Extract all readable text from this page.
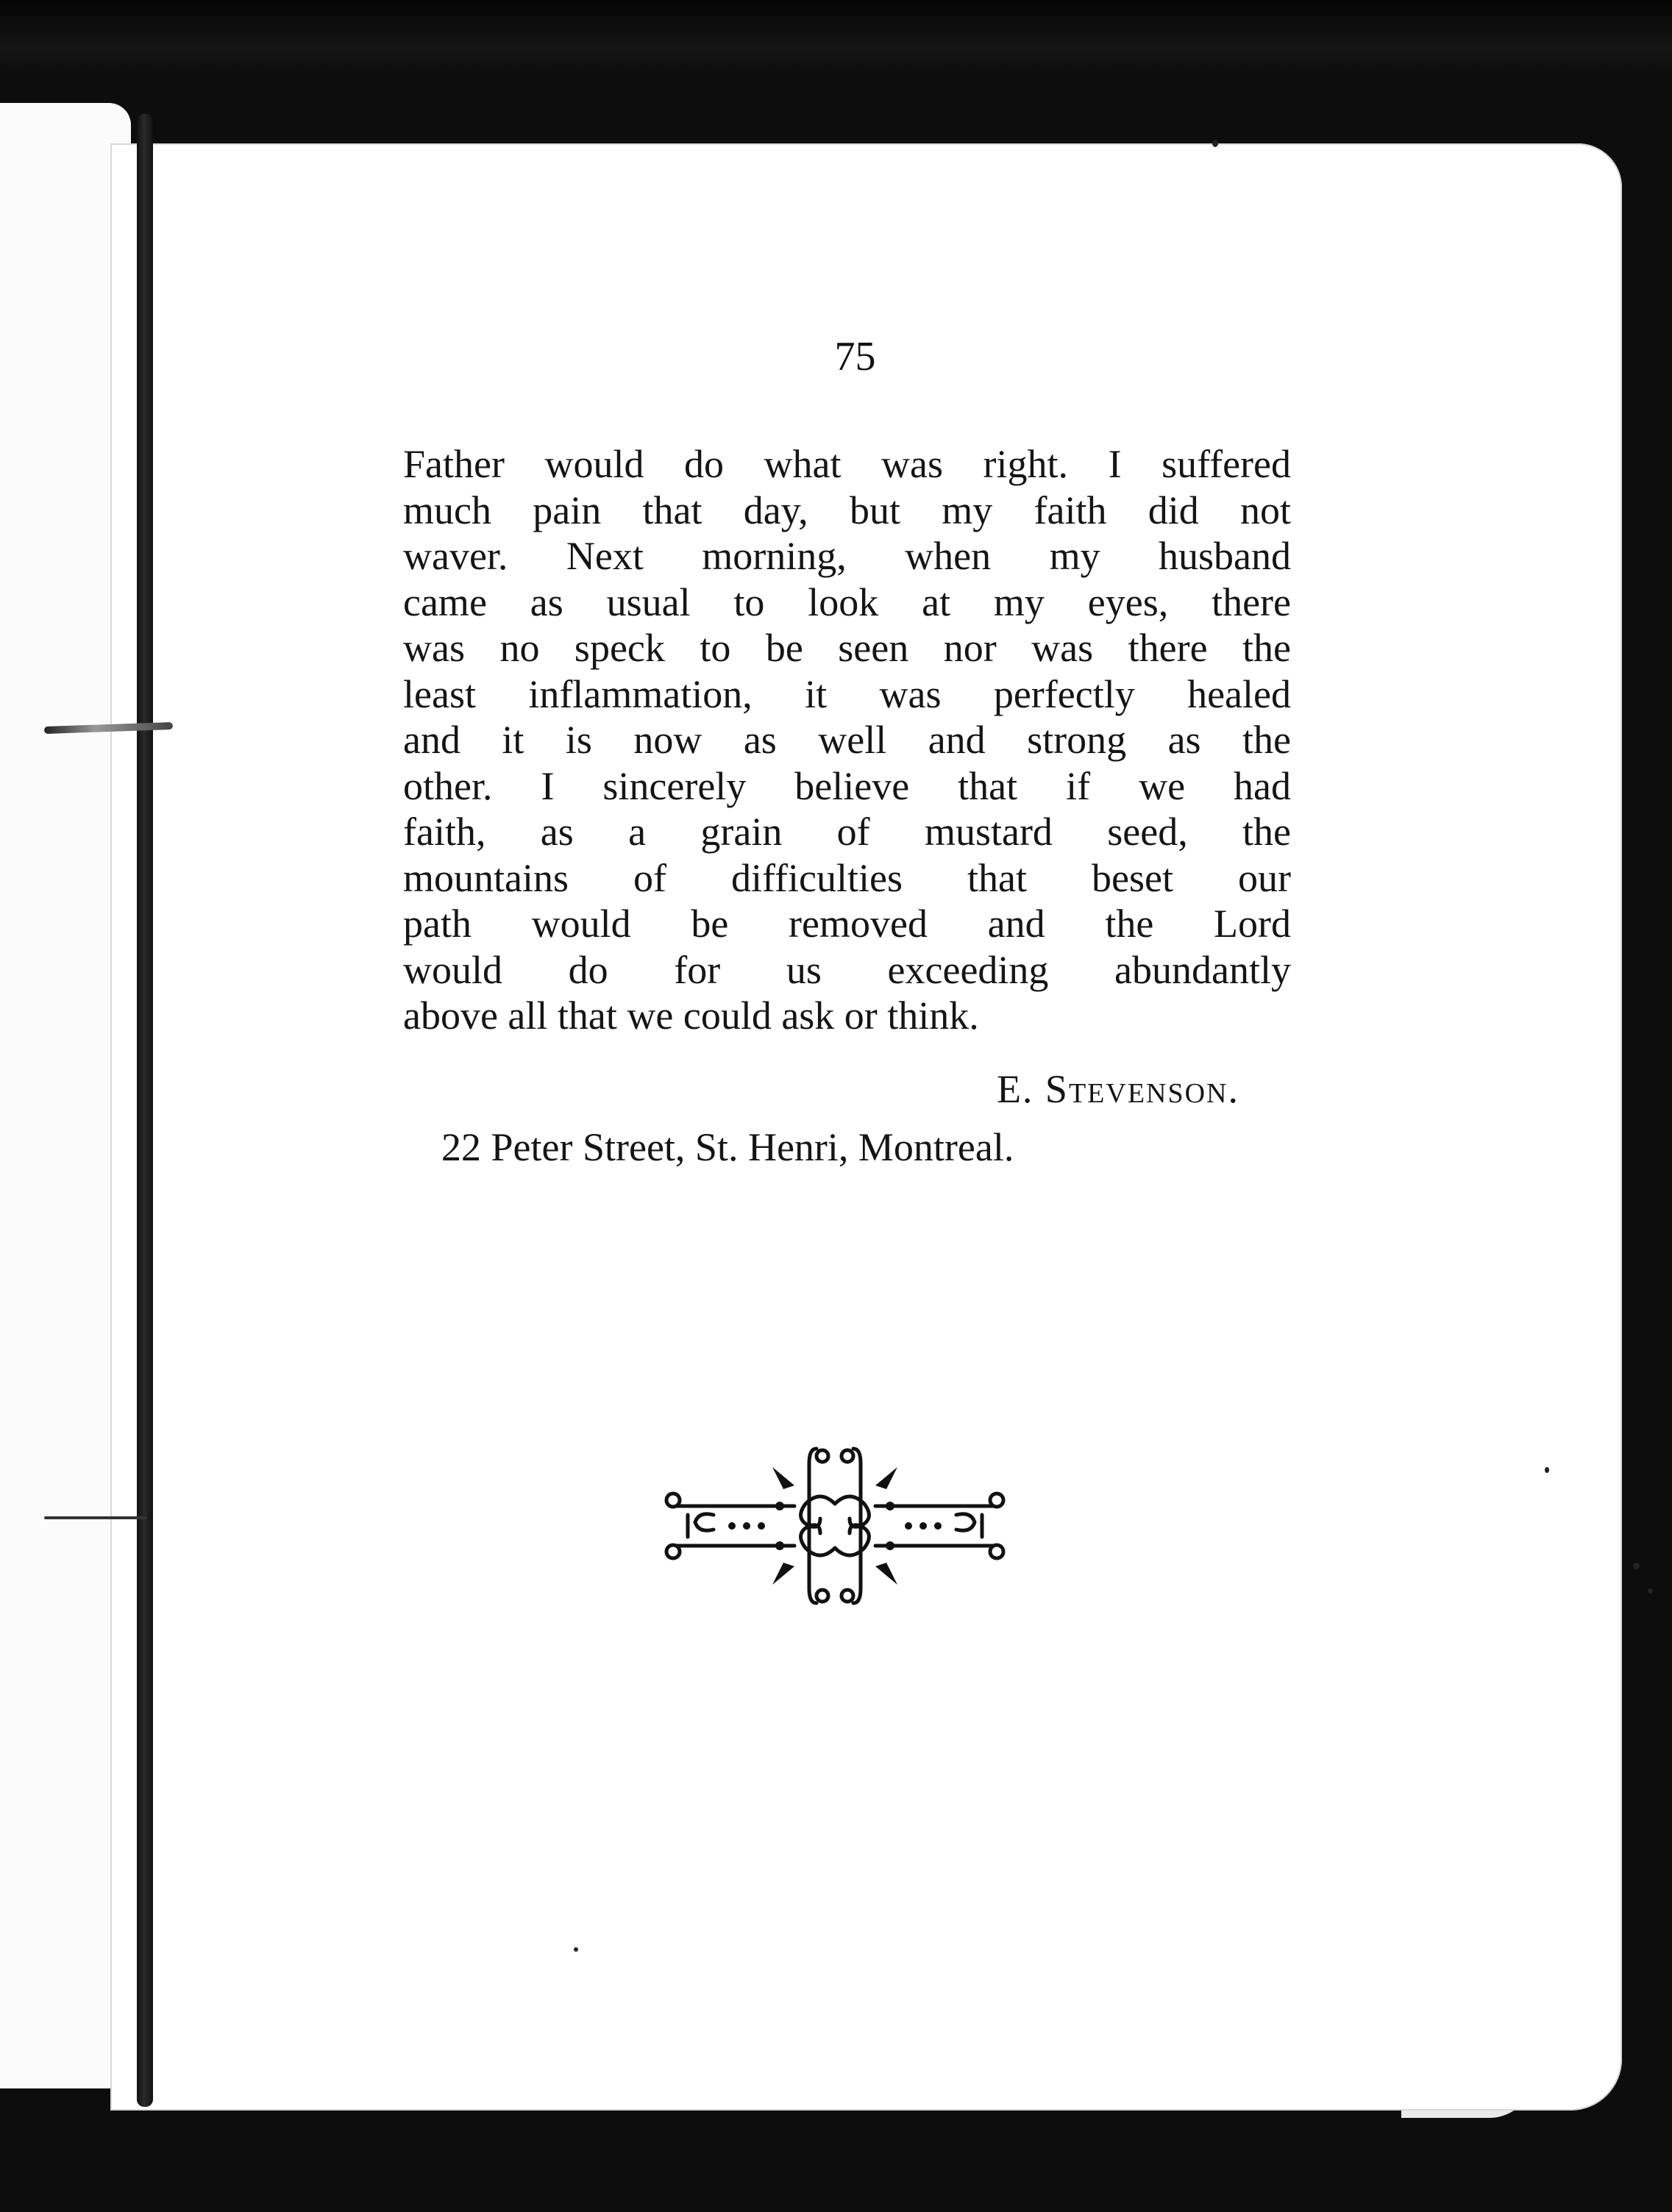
75

Father would do what was right. I suffered
much pain that day, but my faith did not
waver. Next morning, when my husband
came as usual to look at my eyes, there
was no speck to be seen nor was there the
least inflammation, it was perfectly healed
and it is now as well and strong as the
other. I sincerely believe that if we had
faith, as a grain of mustard seed, the
mountains of difficulties that beset our
path would be removed and the Lord
would do for us exceeding abundantly
above all that we could ask or think.

E. Stevenson.

22 Peter Street, St. Henri, Montreal.
